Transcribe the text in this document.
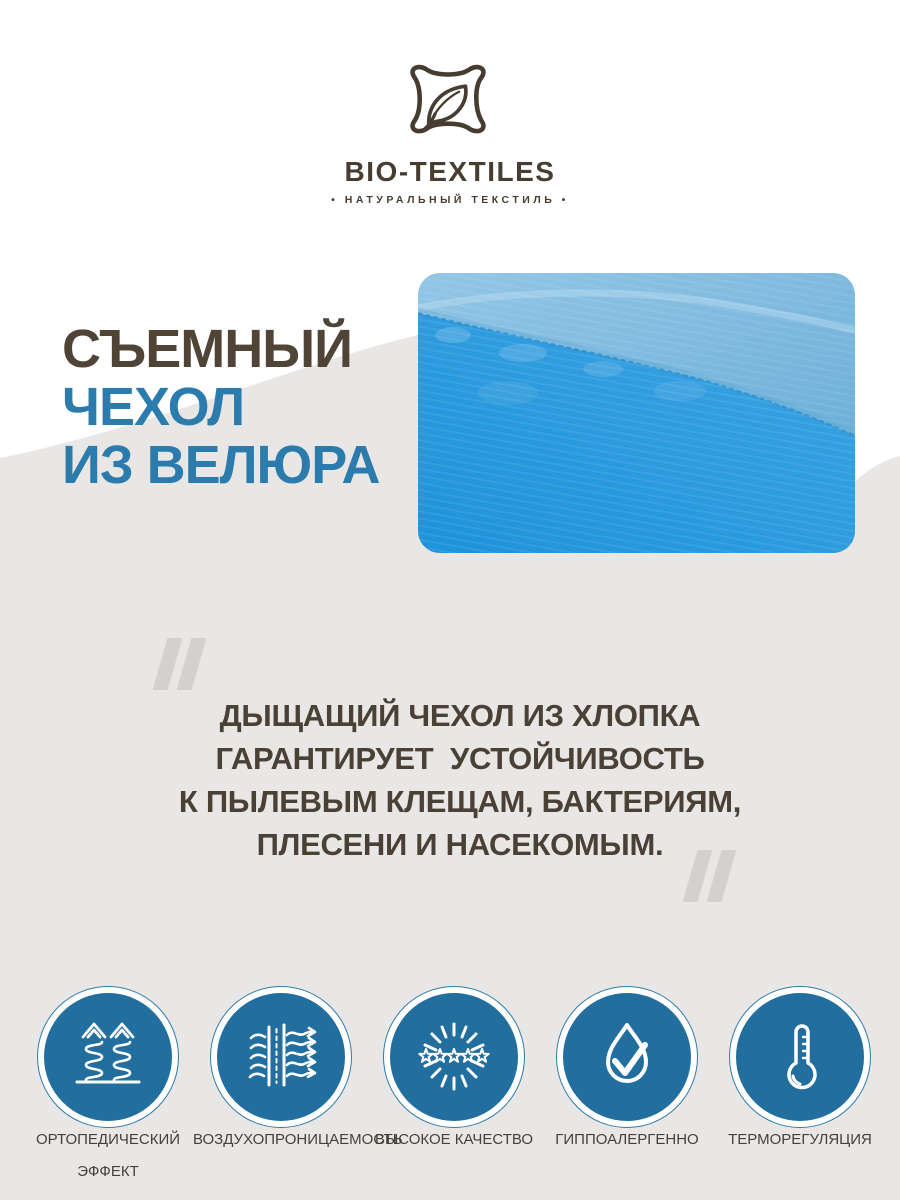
BIO-TEXTILES
• НАТУРАЛЬНЫЙ ТЕКСТИЛЬ •
СЪЕМНЫЙ
ЧЕХОЛ
ИЗ ВЕЛЮРА
ДЫЩАЩИЙ ЧЕХОЛ ИЗ ХЛОПКА
ГАРАНТИРУЕТ  УСТОЙЧИВОСТЬ
К ПЫЛЕВЫМ КЛЕЩАМ, БАКТЕРИЯМ,
ПЛЕСЕНИ И НАСЕКОМЫМ.
ОРТОПЕДИЧЕСКИЙ ЭФФЕКТ
ВОЗДУХОПРОНИЦАЕМОСТЬ
ВЫСОКОЕ КАЧЕСТВО	ГИППОАЛЕРГЕННО	ТЕРМОРЕГУЛЯЦИЯ
